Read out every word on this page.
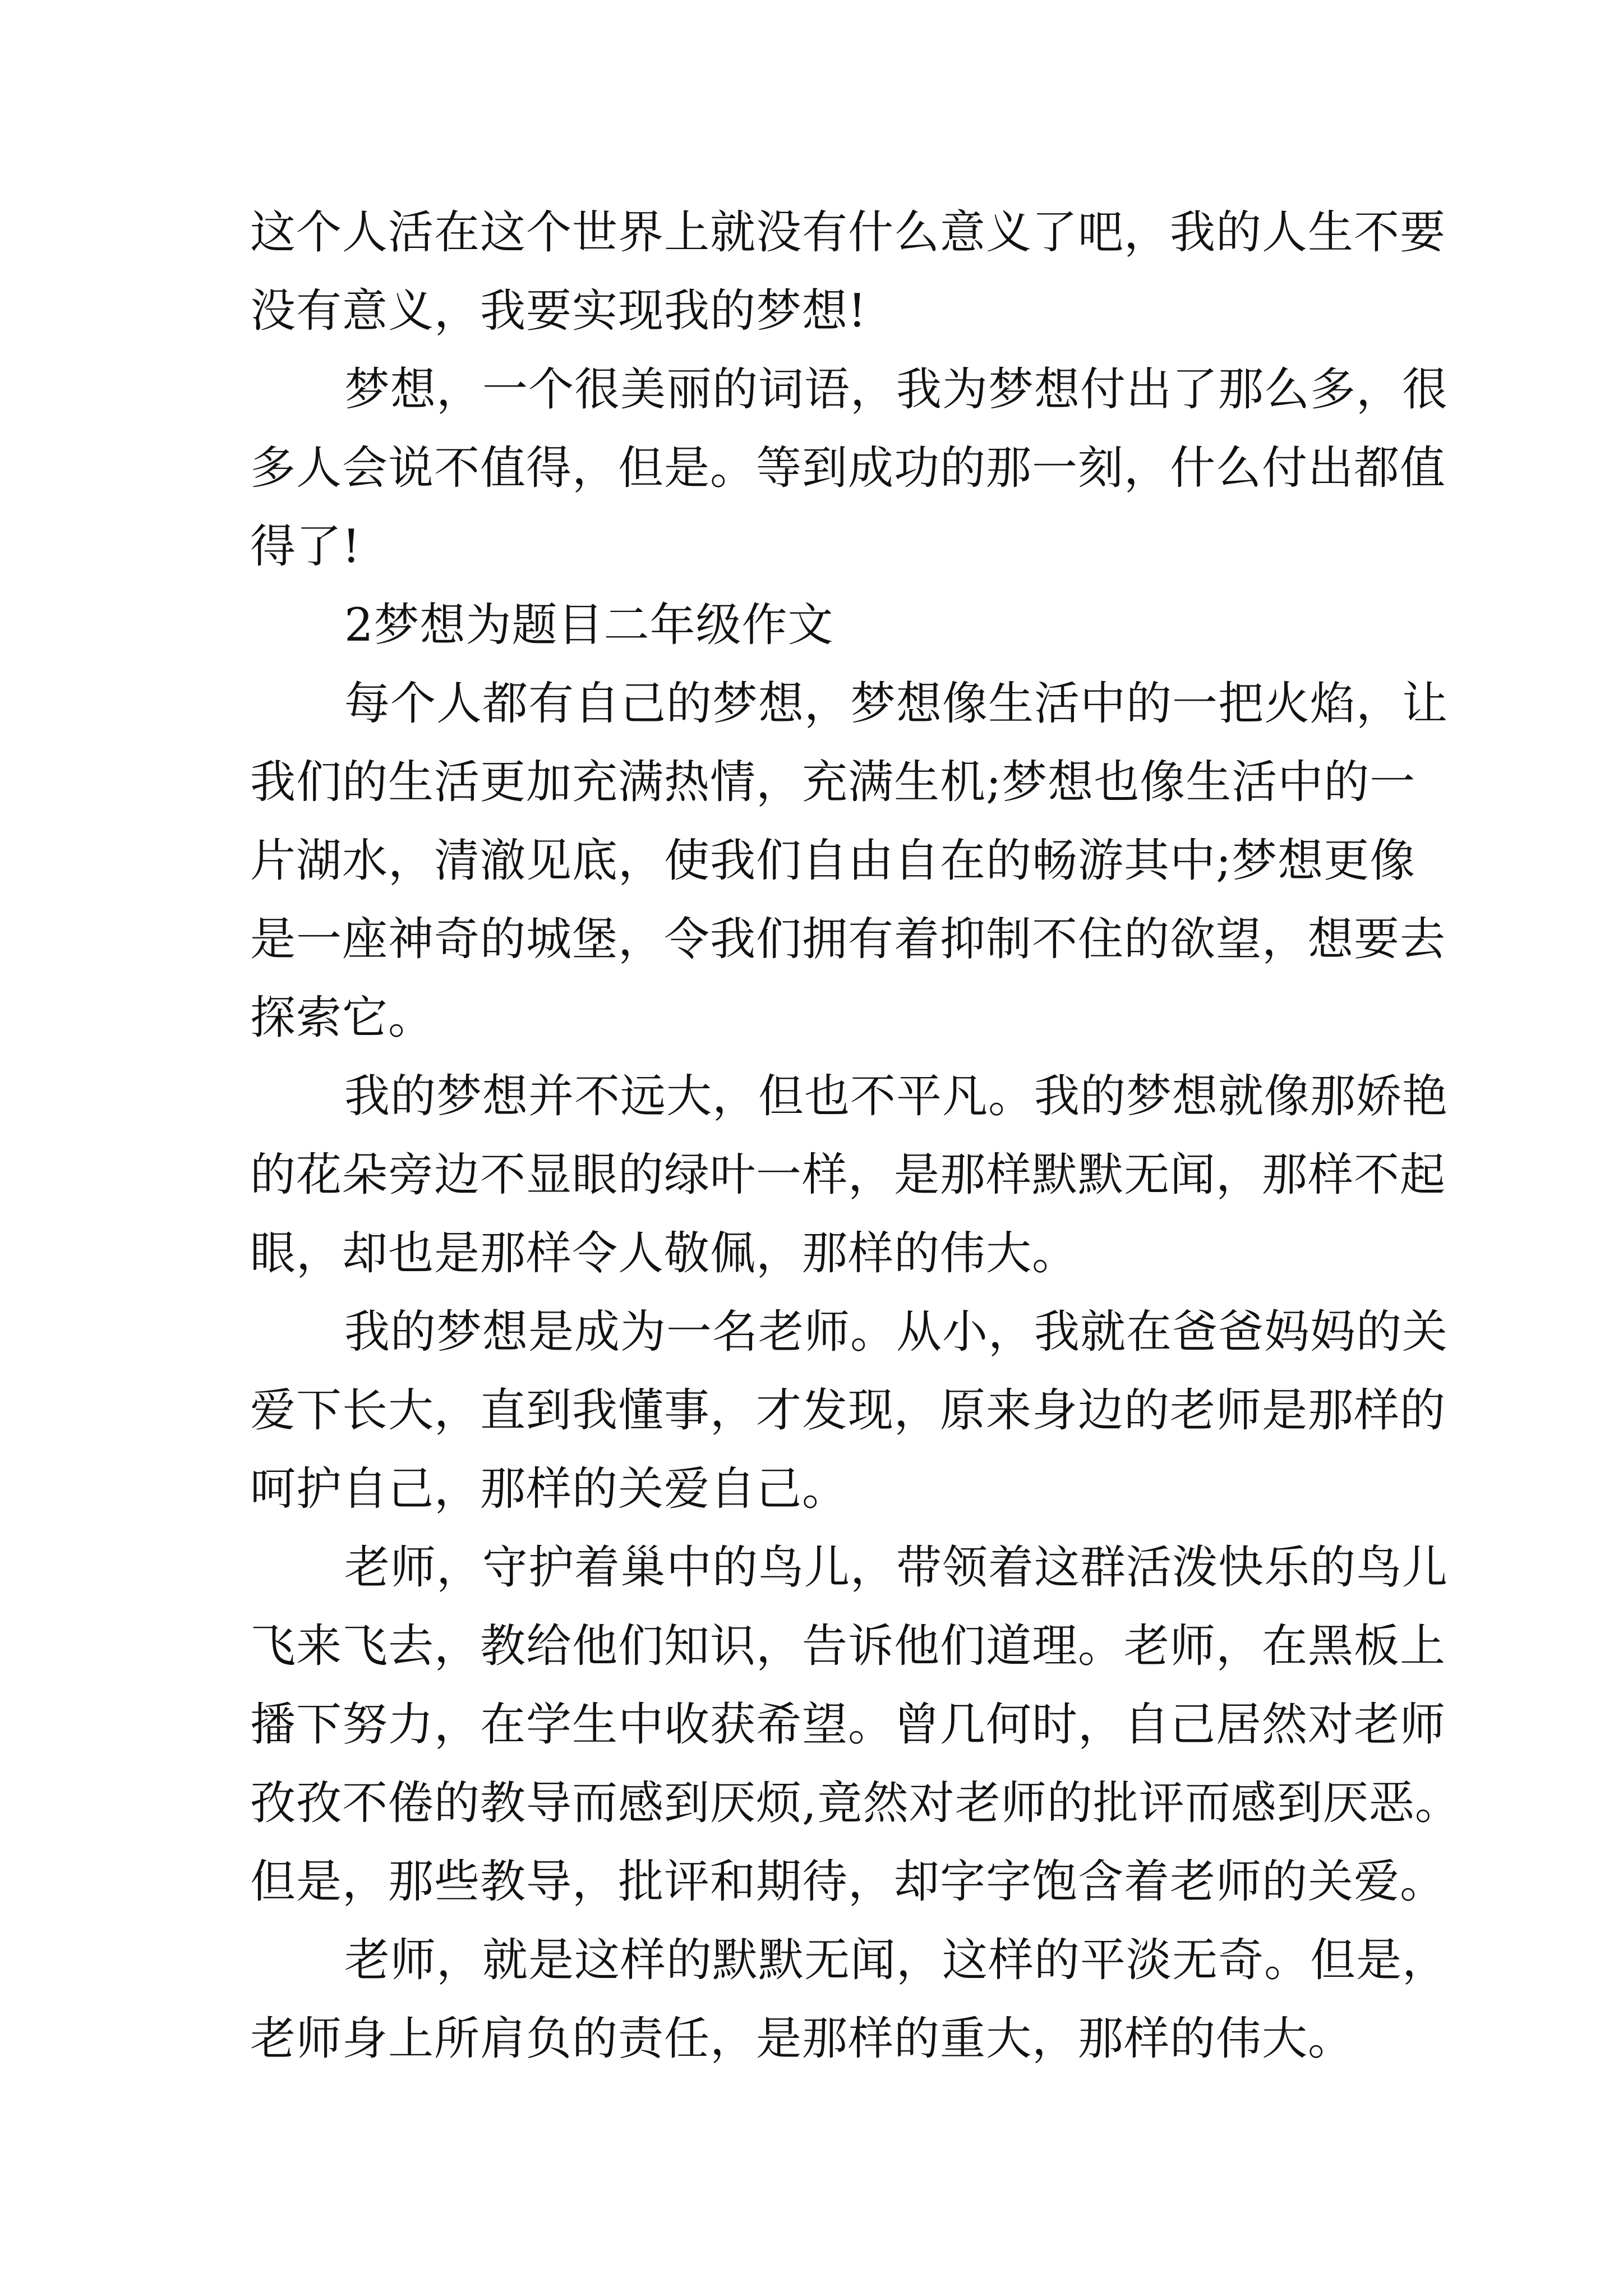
这个人活在这个世界上就没有什么意义了吧，我的人生不要
没有意义，我要实现我的梦想!
梦想，一个很美丽的词语，我为梦想付出了那么多，很
多人会说不值得，但是。等到成功的那一刻，什么付出都值
得了!
2梦想为题目二年级作文
每个人都有自己的梦想，梦想像生活中的一把火焰，让
我们的生活更加充满热情，充满生机;梦想也像生活中的一
片湖水，清澈见底，使我们自由自在的畅游其中;梦想更像
是一座神奇的城堡，令我们拥有着抑制不住的欲望，想要去
探索它。
我的梦想并不远大，但也不平凡。我的梦想就像那娇艳
的花朵旁边不显眼的绿叶一样，是那样默默无闻，那样不起
眼，却也是那样令人敬佩，那样的伟大。
我的梦想是成为一名老师。从小，我就在爸爸妈妈的关
爱下长大，直到我懂事，才发现，原来身边的老师是那样的
呵护自己，那样的关爱自己。
老师，守护着巢中的鸟儿，带领着这群活泼快乐的鸟儿
飞来飞去，教给他们知识，告诉他们道理。老师，在黑板上
播下努力，在学生中收获希望。曾几何时，自己居然对老师
孜孜不倦的教导而感到厌烦,竟然对老师的批评而感到厌恶。
但是，那些教导，批评和期待，却字字饱含着老师的关爱。
老师，就是这样的默默无闻，这样的平淡无奇。但是，
老师身上所肩负的责任，是那样的重大，那样的伟大。
